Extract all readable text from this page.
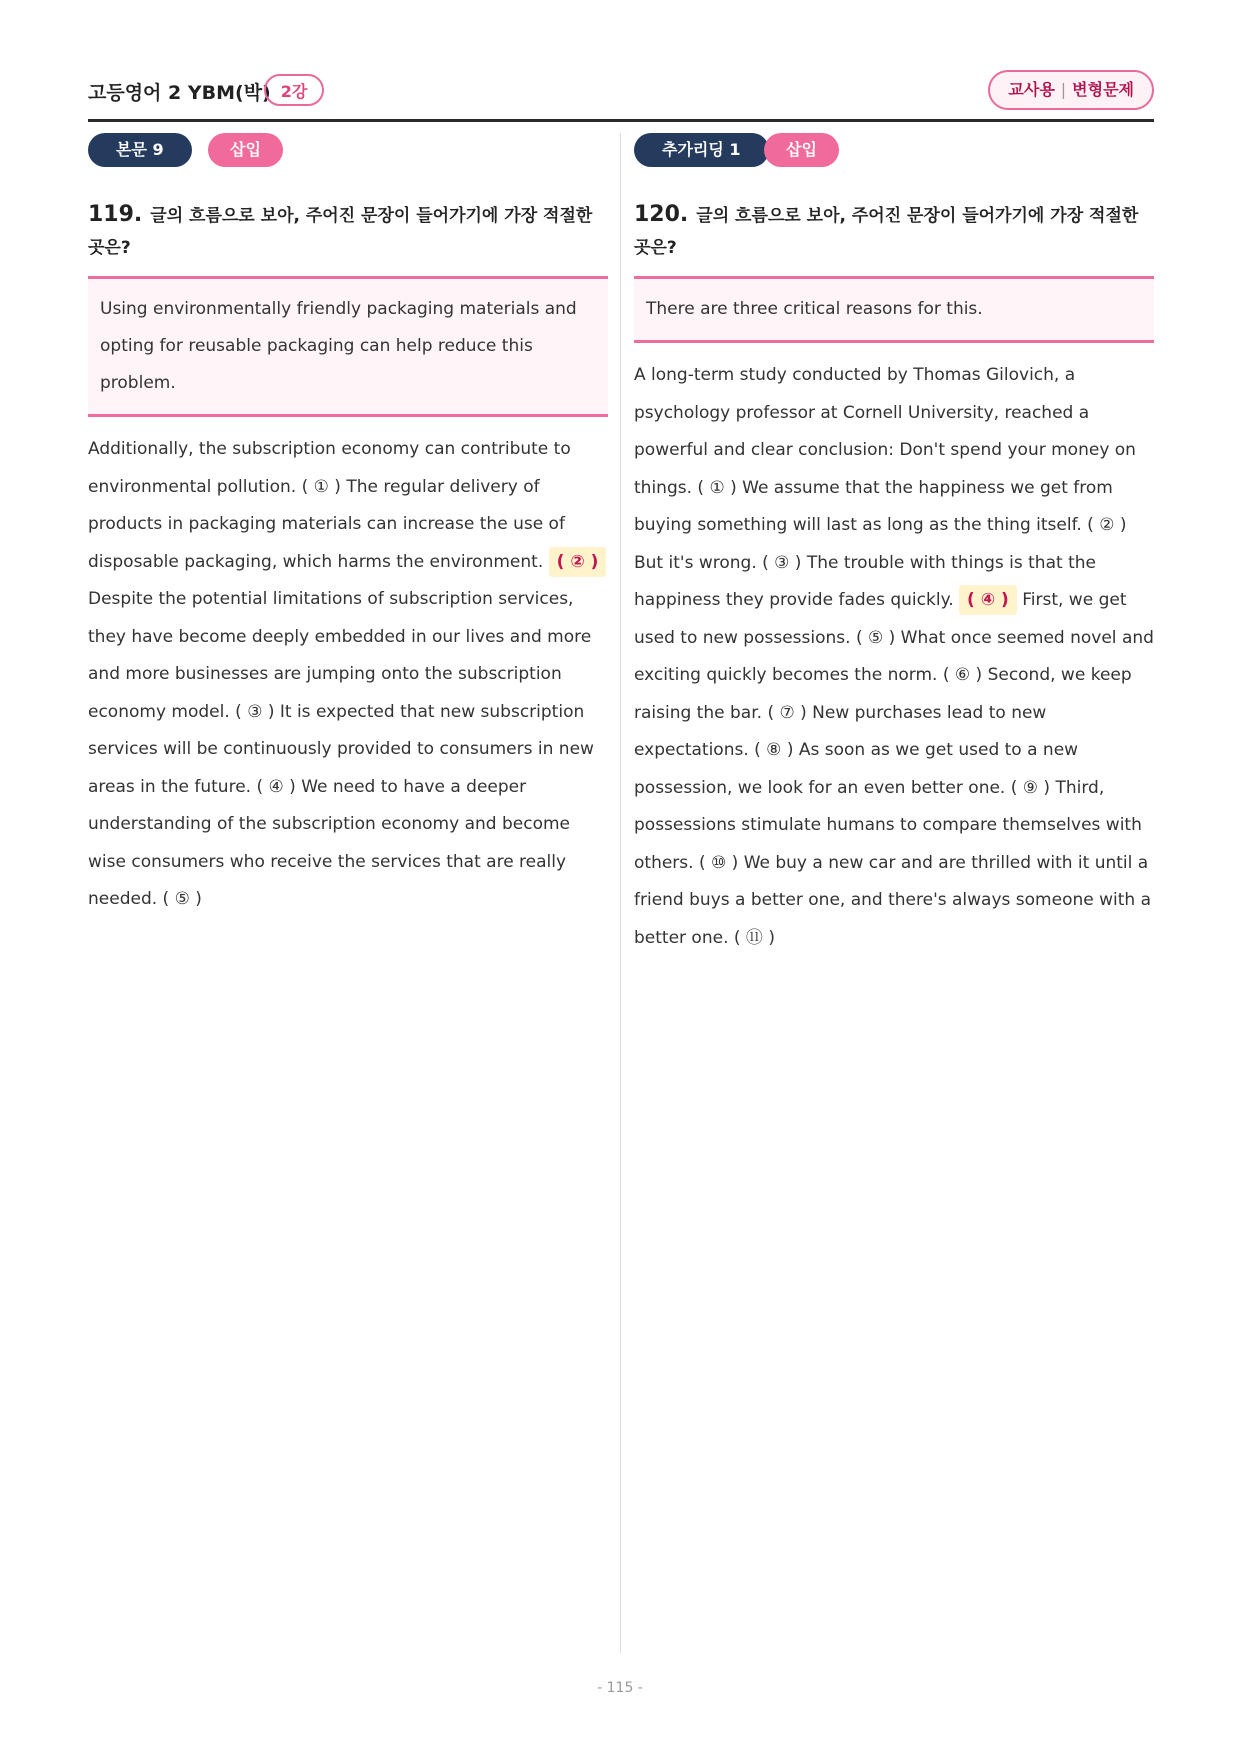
고등영어 2 YBM(박) 2강	교사용 | 변형문제
본문 9	삽입
119. 글의 흐름으로 보아, 주어진 문장이 들어가기에 가장 적절한 곳은?
Using environmentally friendly packaging materials and opting for reusable packaging can help reduce this problem.
Additionally, the subscription economy can contribute to environmental pollution. ( ① ) The regular delivery of products in packaging materials can increase the use of disposable packaging, which harms the environment. ( ② ) Despite the potential limitations of subscription services, they have become deeply embedded in our lives and more and more businesses are jumping onto the subscription economy model. ( ③ ) It is expected that new subscription services will be continuously provided to consumers in new areas in the future. ( ④ ) We need to have a deeper understanding of the subscription economy and become wise consumers who receive the services that are really needed. ( ⑤ )
추가리딩 1	삽입
120. 글의 흐름으로 보아, 주어진 문장이 들어가기에 가장 적절한 곳은?
There are three critical reasons for this.
A long-term study conducted by Thomas Gilovich, a psychology professor at Cornell University, reached a powerful and clear conclusion: Don't spend your money on things. ( ① ) We assume that the happiness we get from buying something will last as long as the thing itself. ( ② ) But it's wrong. ( ③ ) The trouble with things is that the happiness they provide fades quickly. ( ④ ) First, we get used to new possessions. ( ⑤ ) What once seemed novel and exciting quickly becomes the norm. ( ⑥ ) Second, we keep raising the bar. ( ⑦ ) New purchases lead to new expectations. ( ⑧ ) As soon as we get used to a new possession, we look for an even better one. ( ⑨ ) Third, possessions stimulate humans to compare themselves with others. ( ⑩ ) We buy a new car and are thrilled with it until a friend buys a better one, and there's always someone with a better one. ( ⑪ )
- 115 -
